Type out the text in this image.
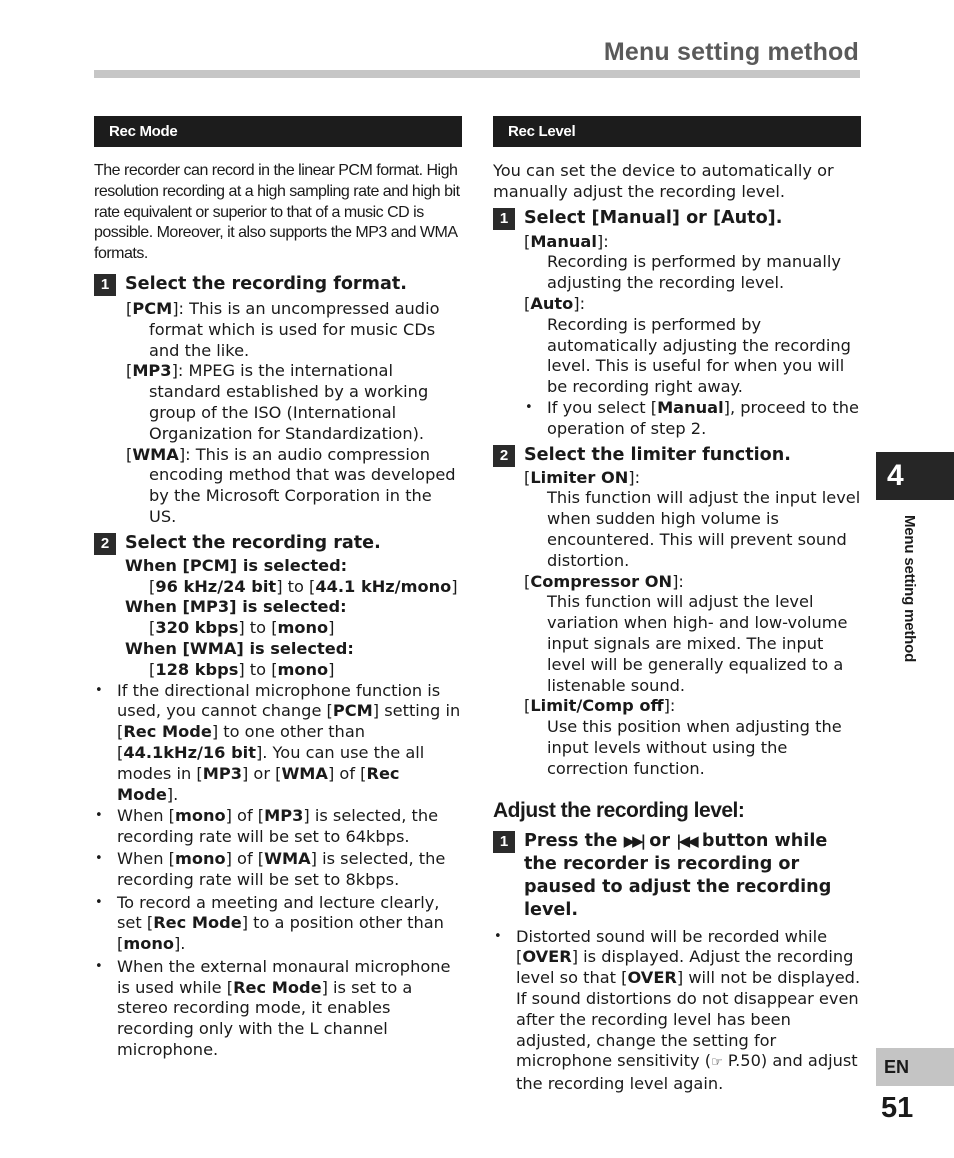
Menu setting method
Rec Mode

The recorder can record in the linear PCM format. High resolution recording at a high sampling rate and high bit rate equivalent or superior to that of a music CD is possible. Moreover, it also supports the MP3 and WMA formats.

1 Select the recording format.
[PCM]: This is an uncompressed audio format which is used for music CDs and the like.
[MP3]: MPEG is the international standard established by a working group of the ISO (International Organization for Standardization).
[WMA]: This is an audio compression encoding method that was developed by the Microsoft Corporation in the US.
2 Select the recording rate.
When [PCM] is selected:
[96 kHz/24 bit] to [44.1 kHz/mono]
When [MP3] is selected:
[320 kbps] to [mono]
When [WMA] is selected:
[128 kbps] to [mono]
• If the directional microphone function is used, you cannot change [PCM] setting in [Rec Mode] to one other than [44.1kHz/16 bit]. You can use the all modes in [MP3] or [WMA] of [Rec Mode].
• When [mono] of [MP3] is selected, the recording rate will be set to 64kbps.
• When [mono] of [WMA] is selected, the recording rate will be set to 8kbps.
• To record a meeting and lecture clearly, set [Rec Mode] to a position other than [mono].
• When the external monaural microphone is used while [Rec Mode] is set to a stereo recording mode, it enables recording only with the L channel microphone.
Rec Level

You can set the device to automatically or manually adjust the recording level.

1 Select [Manual] or [Auto].
[Manual]:
Recording is performed by manually adjusting the recording level.
[Auto]:
Recording is performed by automatically adjusting the recording level. This is useful for when you will be recording right away.
• If you select [Manual], proceed to the operation of step 2.
2 Select the limiter function.
[Limiter ON]:
This function will adjust the input level when sudden high volume is encountered. This will prevent sound distortion.
[Compressor ON]:
This function will adjust the level variation when high- and low-volume input signals are mixed. The input level will be generally equalized to a listenable sound.
[Limit/Comp off]:
Use this position when adjusting the input levels without using the correction function.
Adjust the recording level:
1 Press the ▶▶| or |◀◀ button while the recorder is recording or paused to adjust the recording level.
• Distorted sound will be recorded while [OVER] is displayed. Adjust the recording level so that [OVER] will not be displayed. If sound distortions do not disappear even after the recording level has been adjusted, change the setting for microphone sensitivity (☞ P.50) and adjust the recording level again.
4
Menu setting method
EN
51
